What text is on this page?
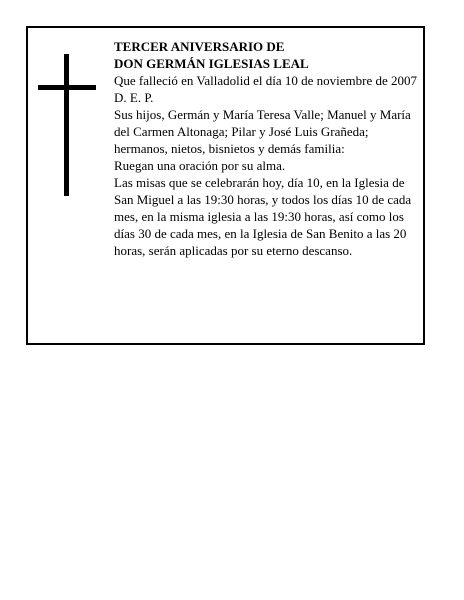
TERCER ANIVERSARIO DE

DON GERMÁN IGLESIAS LEAL

Que falleció en Valladolid el día 10 de noviembre de 2007

D. E. P.

Sus hijos, Germán y María Teresa Valle; Manuel y María del Carmen Altonaga; Pilar y José Luis Grañeda; hermanos, nietos, bisnietos y demás familia:

Ruegan una oración por su alma.

Las misas que se celebrarán hoy, día 10, en la Iglesia de San Miguel a las 19:30 horas, y todos los días 10 de cada mes, en la misma iglesia a las 19:30 horas, así como los días 30 de cada mes, en la Iglesia de San Benito a las 20 horas, serán aplicadas por su eterno descanso.
